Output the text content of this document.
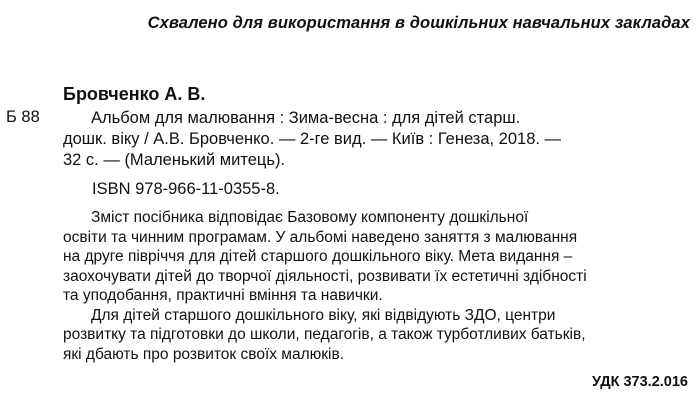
Схвалено для використання в дошкільних навчальних закладах
Бровченко А. В.
Б 88	Альбом для малювання : Зима-весна : для дітей старш.
дошк. віку / А.В. Бровченко. — 2-ге вид. — Київ : Генеза, 2018. —
32 с. — (Маленький митець).
ISBN 978-966-11-0355-8.
Зміст посібника відповідає Базовому компоненту дошкільної
освіти та чинним програмам. У альбомі наведено заняття з малювання
на друге півріччя для дітей старшого дошкільного віку. Мета видання –
заохочувати дітей до творчої діяльності, розвивати їх естетичні здібності
та уподобання, практичні вміння та навички.
Для дітей старшого дошкільного віку, які відвідують ЗДО, центри
розвитку та підготовки до школи, педагогів, а також турботливих батьків,
які дбають про розвиток своїх малюків.
УДК 373.2.016
